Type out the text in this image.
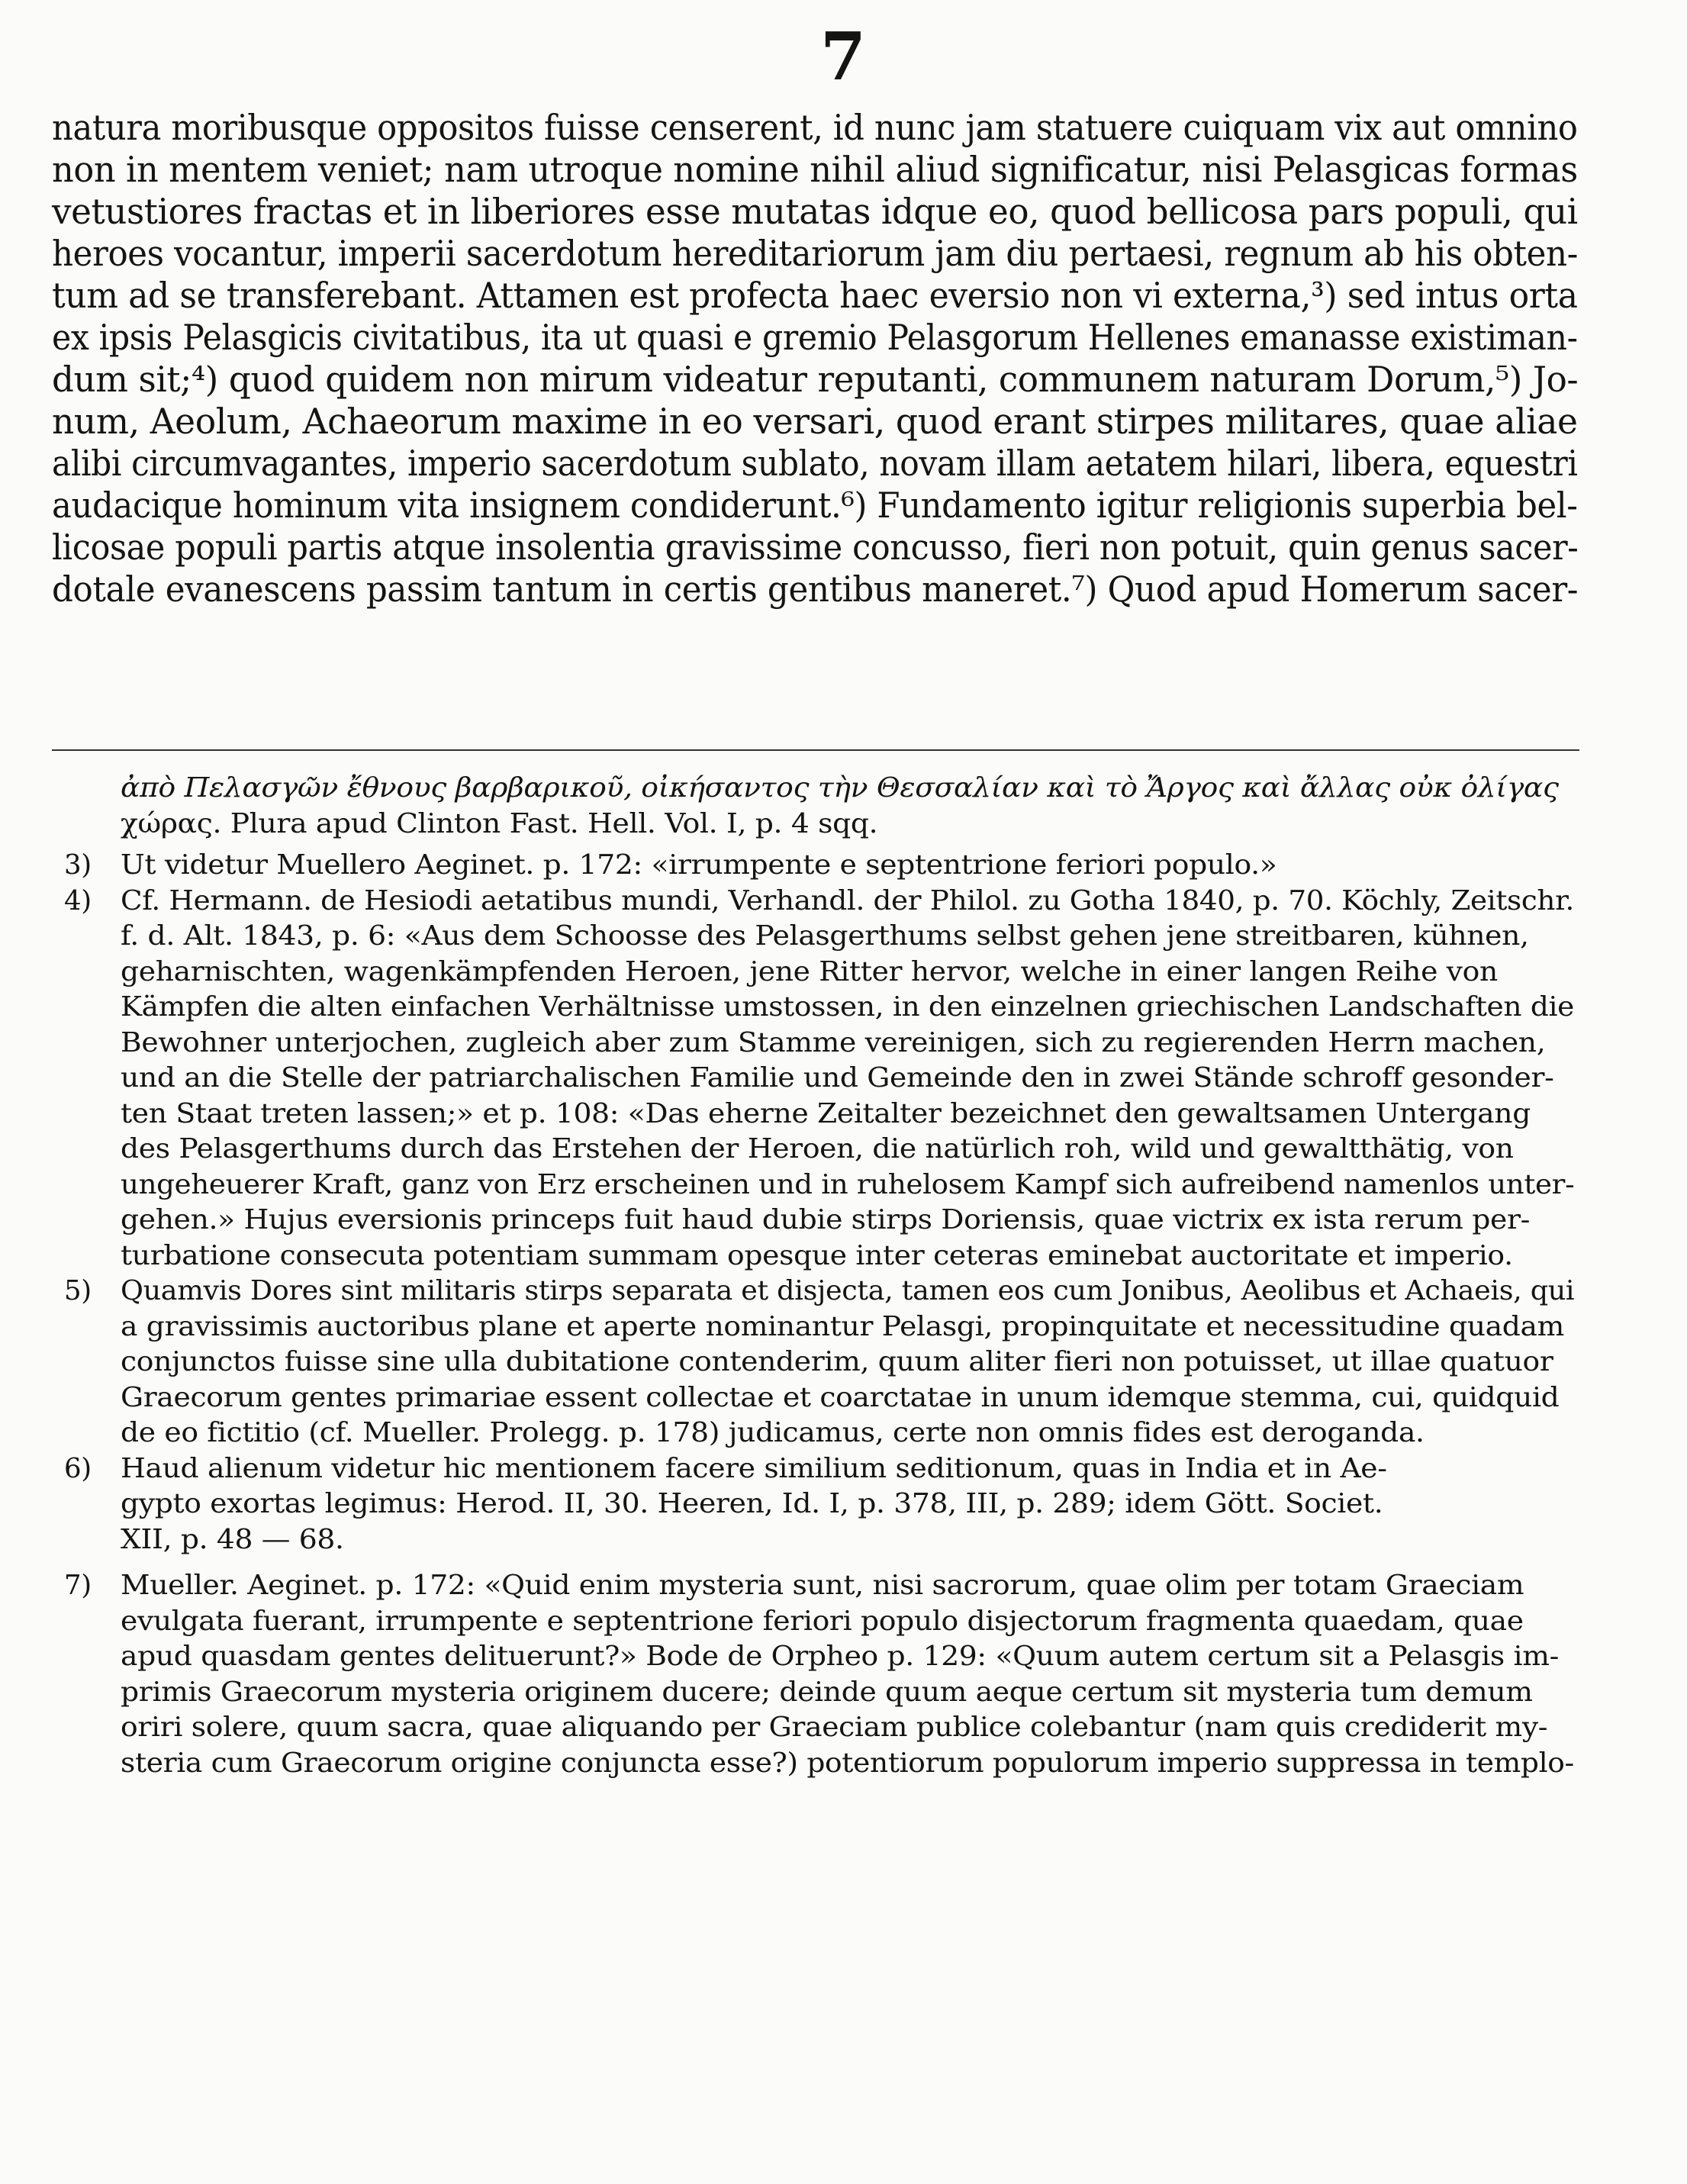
7
natura moribusque oppositos fuisse censerent, id nunc jam statuere cuiquam vix aut omnino
non in mentem veniet; nam utroque nomine nihil aliud significatur, nisi Pelasgicas formas
vetustiores fractas et in liberiores esse mutatas idque eo, quod bellicosa pars populi, qui
heroes vocantur, imperii sacerdotum hereditariorum jam diu pertaesi, regnum ab his obten-
tum ad se transferebant. Attamen est profecta haec eversio non vi externa,³) sed intus orta
ex ipsis Pelasgicis civitatibus, ita ut quasi e gremio Pelasgorum Hellenes emanasse existiman-
dum sit;⁴) quod quidem non mirum videatur reputanti, communem naturam Dorum,⁵) Jo-
num, Aeolum, Achaeorum maxime in eo versari, quod erant stirpes militares, quae aliae
alibi circumvagantes, imperio sacerdotum sublato, novam illam aetatem hilari, libera, equestri
audacique hominum vita insignem condiderunt.⁶) Fundamento igitur religionis superbia bel-
licosae populi partis atque insolentia gravissime concusso, fieri non potuit, quin genus sacer-
dotale evanescens passim tantum in certis gentibus maneret.⁷) Quod apud Homerum sacer-
ἀπὸ Πελασγῶν ἔθνους βαρβαρικοῦ, οἰκήσαντος τὴν Θεσσαλίαν καὶ τὸ Ἄργος καὶ ἄλλας οὐκ ὀλίγας
χώρας. Plura apud Clinton Fast. Hell. Vol. I, p. 4 sqq.
3) Ut videtur Muellero Aeginet. p. 172: «irrumpente e septentrione feriori populo.»
4) Cf. Hermann. de Hesiodi aetatibus mundi, Verhandl. der Philol. zu Gotha 1840, p. 70. Köchly, Zeitschr.
f. d. Alt. 1843, p. 6: «Aus dem Schoosse des Pelasgerthums selbst gehen jene streitbaren, kühnen,
geharnischten, wagenkämpfenden Heroen, jene Ritter hervor, welche in einer langen Reihe von
Kämpfen die alten einfachen Verhältnisse umstossen, in den einzelnen griechischen Landschaften die
Bewohner unterjochen, zugleich aber zum Stamme vereinigen, sich zu regierenden Herrn machen,
und an die Stelle der patriarchalischen Familie und Gemeinde den in zwei Stände schroff gesonder-
ten Staat treten lassen;» et p. 108: «Das eherne Zeitalter bezeichnet den gewaltsamen Untergang
des Pelasgerthums durch das Erstehen der Heroen, die natürlich roh, wild und gewaltthätig, von
ungeheuerer Kraft, ganz von Erz erscheinen und in ruhelosem Kampf sich aufreibend namenlos unter-
gehen.» Hujus eversionis princeps fuit haud dubie stirps Doriensis, quae victrix ex ista rerum per-
turbatione consecuta potentiam summam opesque inter ceteras eminebat auctoritate et imperio.
5) Quamvis Dores sint militaris stirps separata et disjecta, tamen eos cum Jonibus, Aeolibus et Achaeis, qui
a gravissimis auctoribus plane et aperte nominantur Pelasgi, propinquitate et necessitudine quadam
conjunctos fuisse sine ulla dubitatione contenderim, quum aliter fieri non potuisset, ut illae quatuor
Graecorum gentes primariae essent collectae et coarctatae in unum idemque stemma, cui, quidquid
de eo fictitio (cf. Mueller. Prolegg. p. 178) judicamus, certe non omnis fides est deroganda.
6) Haud alienum videtur hic mentionem facere similium seditionum, quas in India et in Ae-
gypto exortas legimus: Herod. II, 30. Heeren, Id. I, p. 378, III, p. 289; idem Gött. Societ.
XII, p. 48 — 68.
7) Mueller. Aeginet. p. 172: «Quid enim mysteria sunt, nisi sacrorum, quae olim per totam Graeciam
evulgata fuerant, irrumpente e septentrione feriori populo disjectorum fragmenta quaedam, quae
apud quasdam gentes delituerunt?» Bode de Orpheo p. 129: «Quum autem certum sit a Pelasgis im-
primis Graecorum mysteria originem ducere; deinde quum aeque certum sit mysteria tum demum
oriri solere, quum sacra, quae aliquando per Graeciam publice colebantur (nam quis crediderit my-
steria cum Graecorum origine conjuncta esse?) potentiorum populorum imperio suppressa in templo-
